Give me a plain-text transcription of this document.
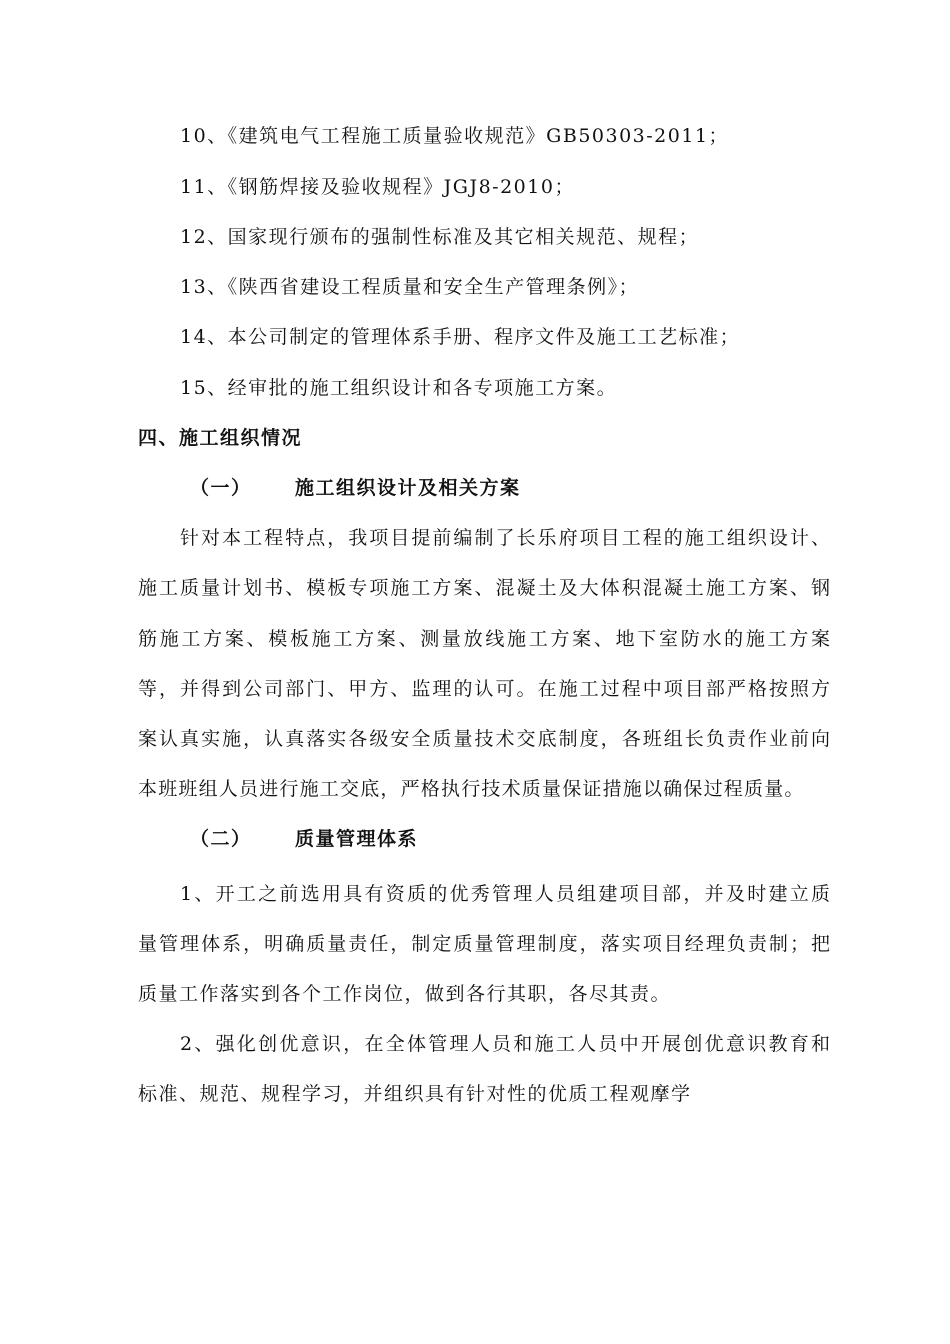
10、《建筑电气工程施工质量验收规范》GB50303-2011；
11、《钢筋焊接及验收规程》JGJ8-2010；
12、国家现行颁布的强制性标准及其它相关规范、规程；
13、《陕西省建设工程质量和安全生产管理条例》；
14、本公司制定的管理体系手册、程序文件及施工工艺标准；
15、经审批的施工组织设计和各专项施工方案。
四、施工组织情况
（一） 施工组织设计及相关方案
针对本工程特点，我项目提前编制了长乐府项目工程的施工组织设计、
施工质量计划书、模板专项施工方案、混凝土及大体积混凝土施工方案、钢
筋施工方案、模板施工方案、测量放线施工方案、地下室防水的施工方案
等，并得到公司部门、甲方、监理的认可。在施工过程中项目部严格按照方
案认真实施，认真落实各级安全质量技术交底制度，各班组长负责作业前向
本班班组人员进行施工交底，严格执行技术质量保证措施以确保过程质量。
（二） 质量管理体系
1、开工之前选用具有资质的优秀管理人员组建项目部，并及时建立质
量管理体系，明确质量责任，制定质量管理制度，落实项目经理负责制；把
质量工作落实到各个工作岗位，做到各行其职，各尽其责。
2、强化创优意识，在全体管理人员和施工人员中开展创优意识教育和
标准、规范、规程学习，并组织具有针对性的优质工程观摩学
